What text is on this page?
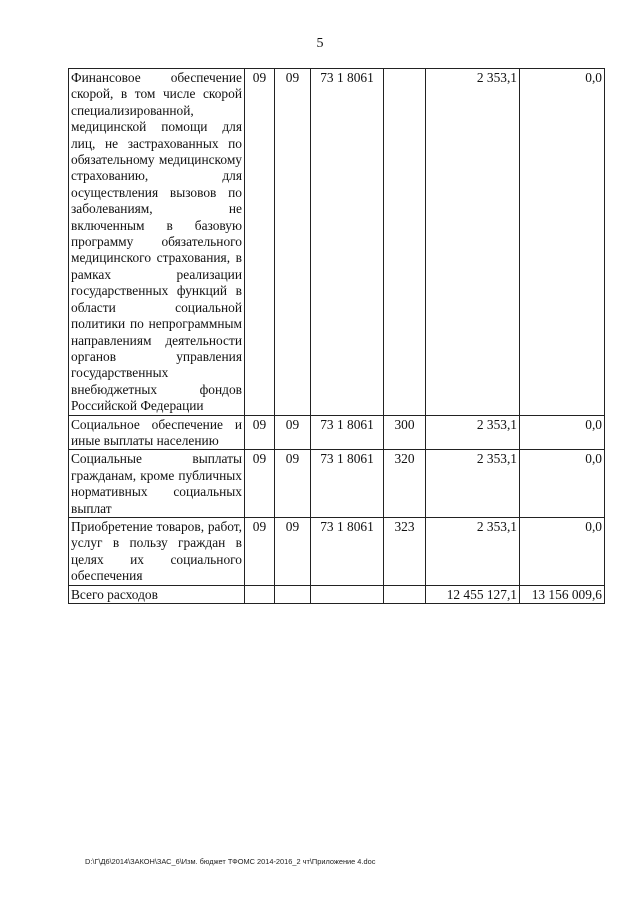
5
Финансовое обеспечение скорой, в том числе скорой специализированной, медицинской помощи для лиц, не застрахованных по обязательному медицинскому страхованию, для осуществления вызовов по заболеваниям, не включенным в базовую программу обязательного медицинского страхования, в рамках реализации государственных функций в области социальной политики по непрограммным направлениям деятельности органов управления государственных внебюджетных фондов Российской Федерации	09	09	73 1 8061		2 353,1	0,0
Социальное обеспечение и иные выплаты населению	09	09	73 1 8061	300	2 353,1	0,0
Социальные выплаты гражданам, кроме публичных нормативных социальных выплат	09	09	73 1 8061	320	2 353,1	0,0
Приобретение товаров, работ, услуг в пользу граждан в целях их социального обеспечения	09	09	73 1 8061	323	2 353,1	0,0
Всего расходов					12 455 127,1	13 156 009,6
D:\Г\Д6\2014\ЗАКОН\ЗАС_6\Изм. бюджет ТФОМС 2014-2016_2 чт\Приложение 4.doc
